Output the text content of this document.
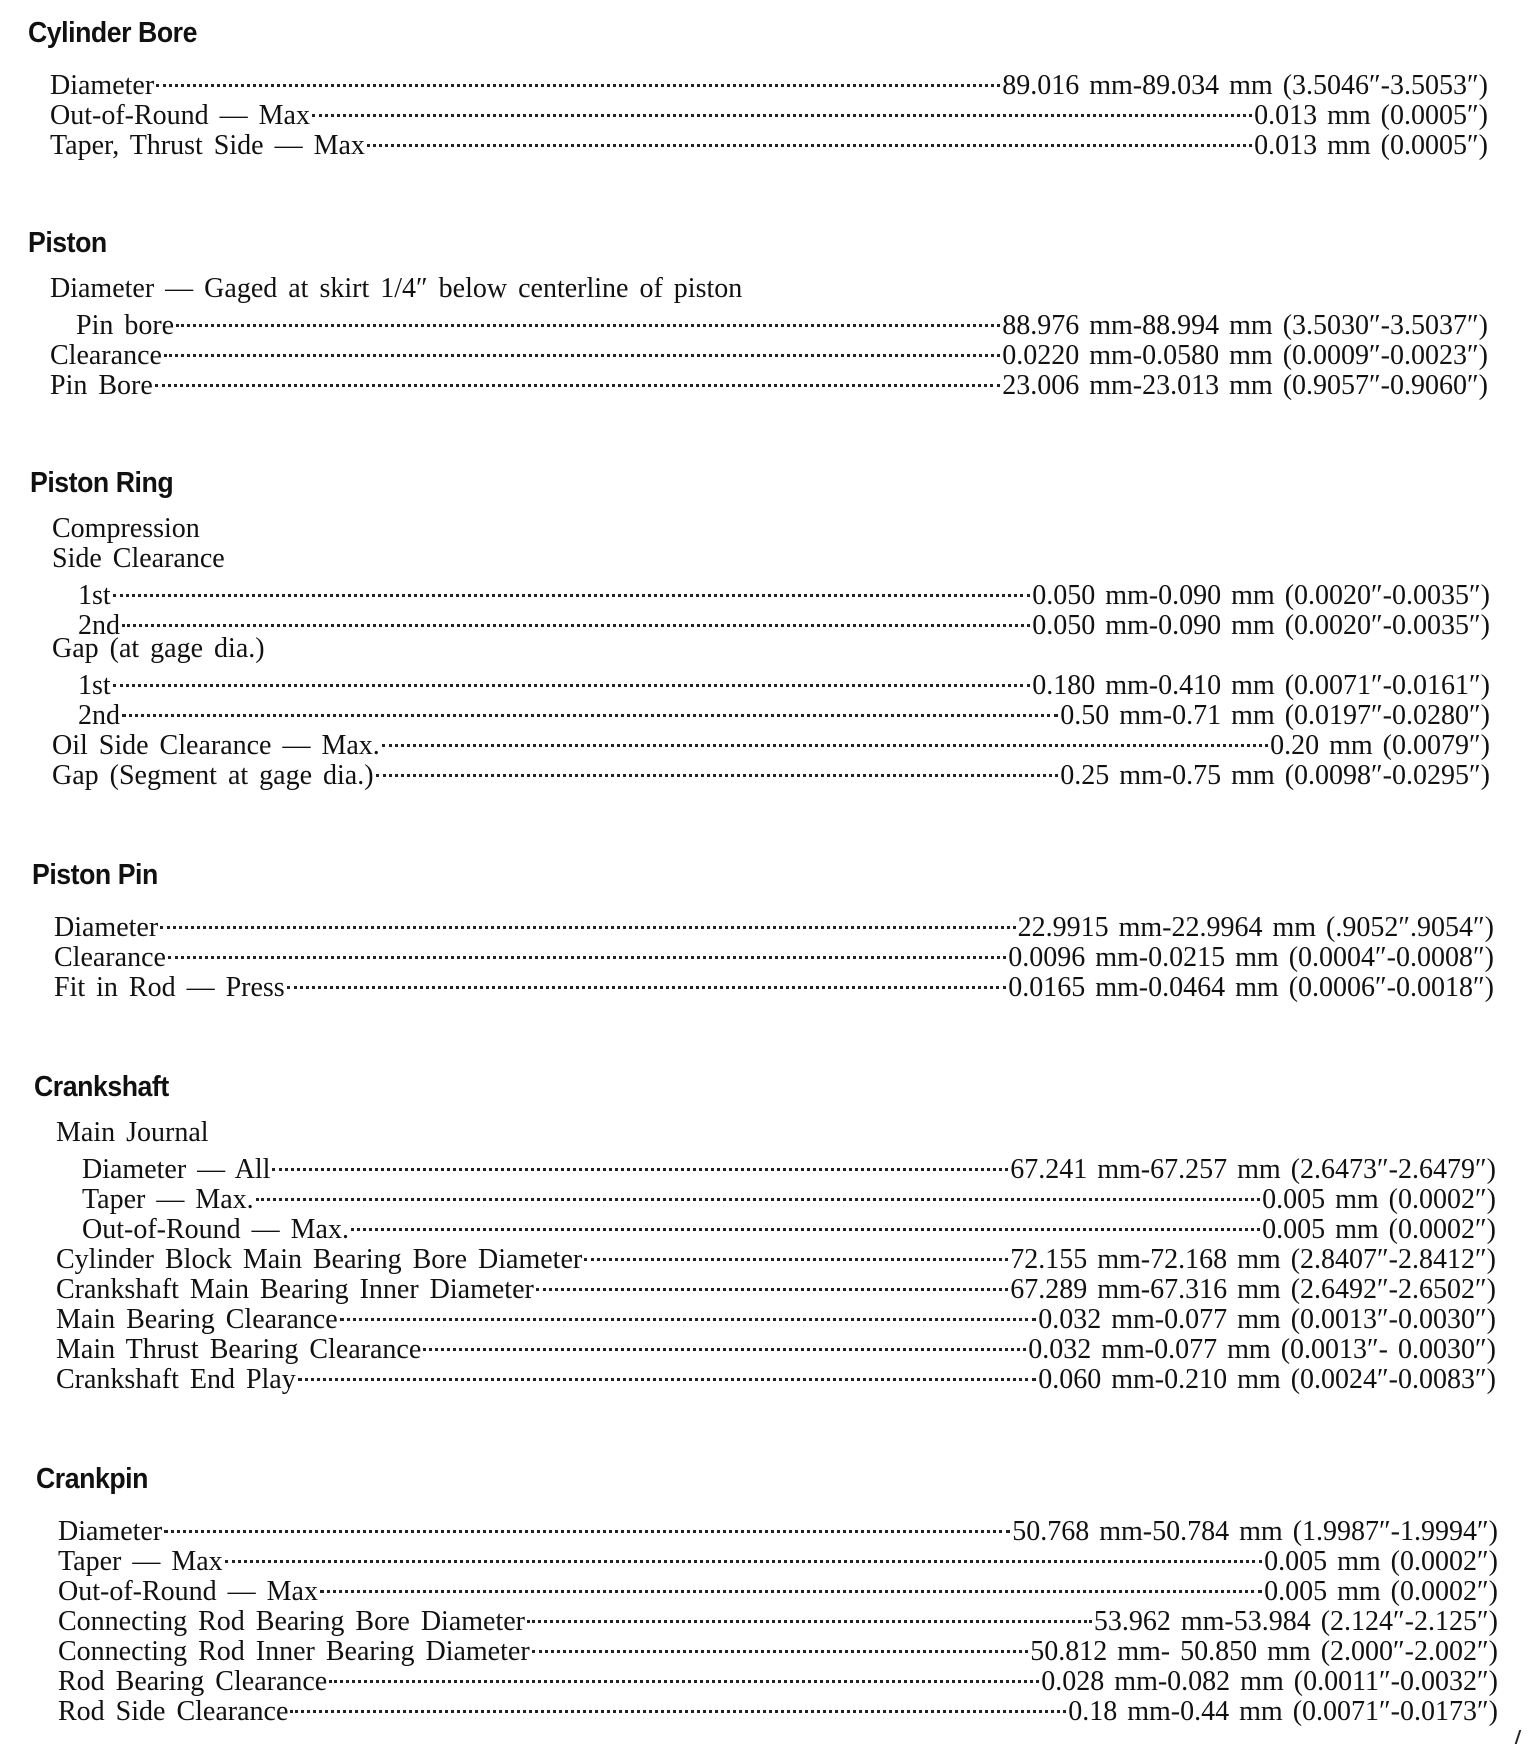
Cylinder Bore
Diameter	89.016 mm-89.034 mm (3.5046″-3.5053″)
Out-of-Round — Max	0.013 mm (0.0005″)
Taper, Thrust Side — Max	0.013 mm (0.0005″)
Piston
Diameter — Gaged at skirt 1/4″ below centerline of piston
Pin bore	88.976 mm-88.994 mm (3.5030″-3.5037″)
Clearance	0.0220 mm-0.0580 mm (0.0009″-0.0023″)
Pin Bore	23.006 mm-23.013 mm (0.9057″-0.9060″)
Piston Ring
Compression
Side Clearance
1st	0.050 mm-0.090 mm (0.0020″-0.0035″)
2nd	0.050 mm-0.090 mm (0.0020″-0.0035″)
Gap (at gage dia.)
1st	0.180 mm-0.410 mm (0.0071″-0.0161″)
2nd	0.50 mm-0.71 mm (0.0197″-0.0280″)
Oil Side Clearance — Max.	0.20 mm (0.0079″)
Gap (Segment at gage dia.)	0.25 mm-0.75 mm (0.0098″-0.0295″)
Piston Pin
Diameter	22.9915 mm-22.9964 mm (.9052″.9054″)
Clearance	0.0096 mm-0.0215 mm (0.0004″-0.0008″)
Fit in Rod — Press	0.0165 mm-0.0464 mm (0.0006″-0.0018″)
Crankshaft
Main Journal
Diameter — All	67.241 mm-67.257 mm (2.6473″-2.6479″)
Taper — Max.	0.005 mm (0.0002″)
Out-of-Round — Max.	0.005 mm (0.0002″)
Cylinder Block Main Bearing Bore Diameter	72.155 mm-72.168 mm (2.8407″-2.8412″)
Crankshaft Main Bearing Inner Diameter	67.289 mm-67.316 mm (2.6492″-2.6502″)
Main Bearing Clearance	0.032 mm-0.077 mm (0.0013″-0.0030″)
Main Thrust Bearing Clearance	0.032 mm-0.077 mm (0.0013″- 0.0030″)
Crankshaft End Play	0.060 mm-0.210 mm (0.0024″-0.0083″)
Crankpin
Diameter	50.768 mm-50.784 mm (1.9987″-1.9994″)
Taper — Max	0.005 mm (0.0002″)
Out-of-Round — Max	0.005 mm (0.0002″)
Connecting Rod Bearing Bore Diameter	53.962 mm-53.984 (2.124″-2.125″)
Connecting Rod Inner Bearing Diameter	50.812 mm- 50.850 mm (2.000″-2.002″)
Rod Bearing Clearance	0.028 mm-0.082 mm (0.0011″-0.0032″)
Rod Side Clearance	0.18 mm-0.44 mm (0.0071″-0.0173″)
